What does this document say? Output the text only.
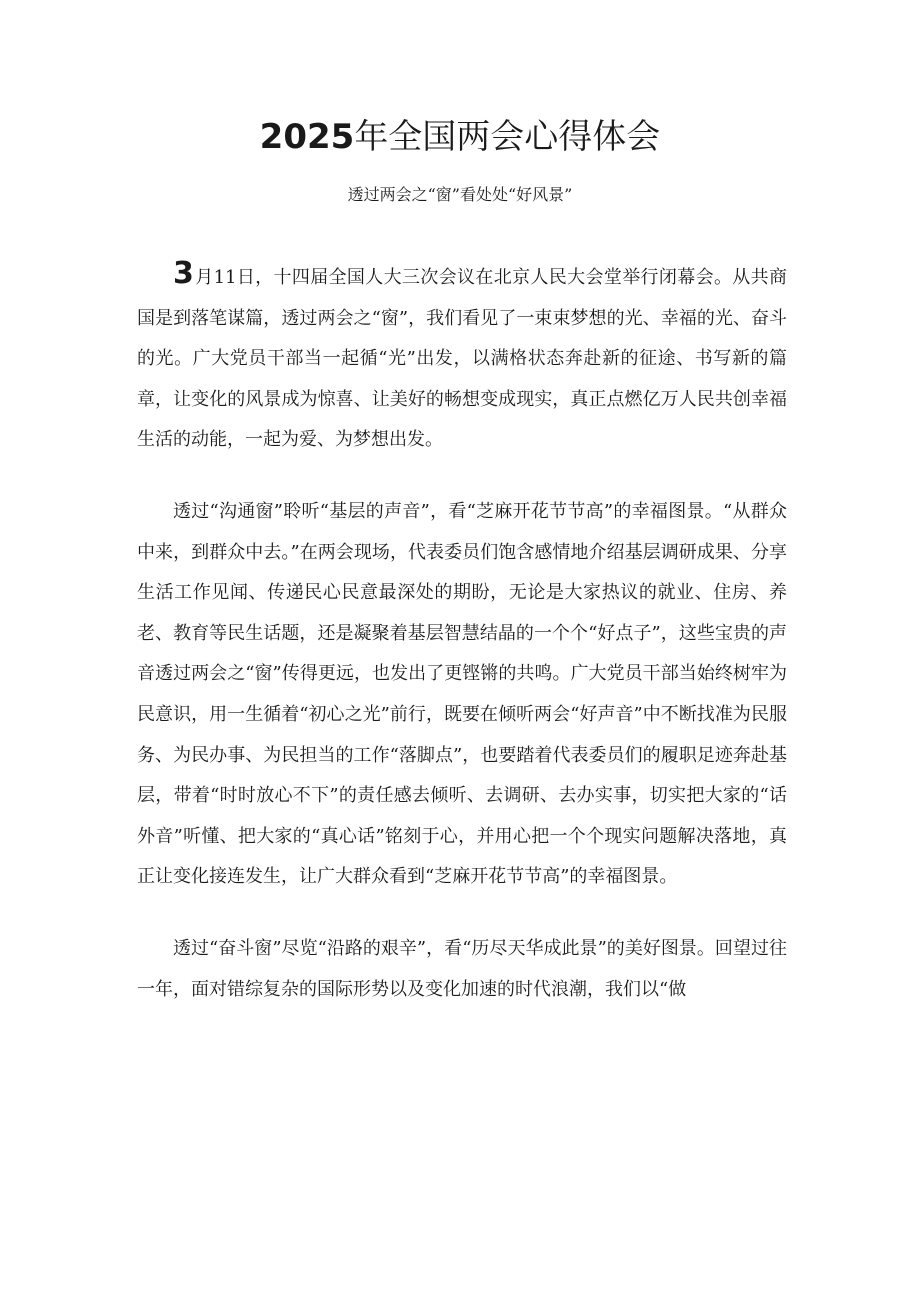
2025年全国两会心得体会

透过两会之“窗”看处处“好风景”

3月11日，十四届全国人大三次会议在北京人民大会堂举行闭幕会。从共商国是到落笔谋篇，透过两会之“窗”，我们看见了一束束梦想的光、幸福的光、奋斗的光。广大党员干部当一起循“光”出发，以满格状态奔赴新的征途、书写新的篇章，让变化的风景成为惊喜、让美好的畅想变成现实，真正点燃亿万人民共创幸福生活的动能，一起为爱、为梦想出发。

透过“沟通窗”聆听“基层的声音”，看“芝麻开花节节高”的幸福图景。“从群众中来，到群众中去。”在两会现场，代表委员们饱含感情地介绍基层调研成果、分享生活工作见闻、传递民心民意最深处的期盼，无论是大家热议的就业、住房、养老、教育等民生话题，还是凝聚着基层智慧结晶的一个个“好点子”，这些宝贵的声音透过两会之“窗”传得更远，也发出了更铿锵的共鸣。广大党员干部当始终树牢为民意识，用一生循着“初心之光”前行，既要在倾听两会“好声音”中不断找准为民服务、为民办事、为民担当的工作“落脚点”，也要踏着代表委员们的履职足迹奔赴基层，带着“时时放心不下”的责任感去倾听、去调研、去办实事，切实把大家的“话外音”听懂、把大家的“真心话”铭刻于心，并用心把一个个现实问题解决落地，真正让变化接连发生，让广大群众看到“芝麻开花节节高”的幸福图景。

透过“奋斗窗”尽览“沿路的艰辛”，看“历尽天华成此景”的美好图景。回望过往一年，面对错综复杂的国际形势以及变化加速的时代浪潮，我们以“做
